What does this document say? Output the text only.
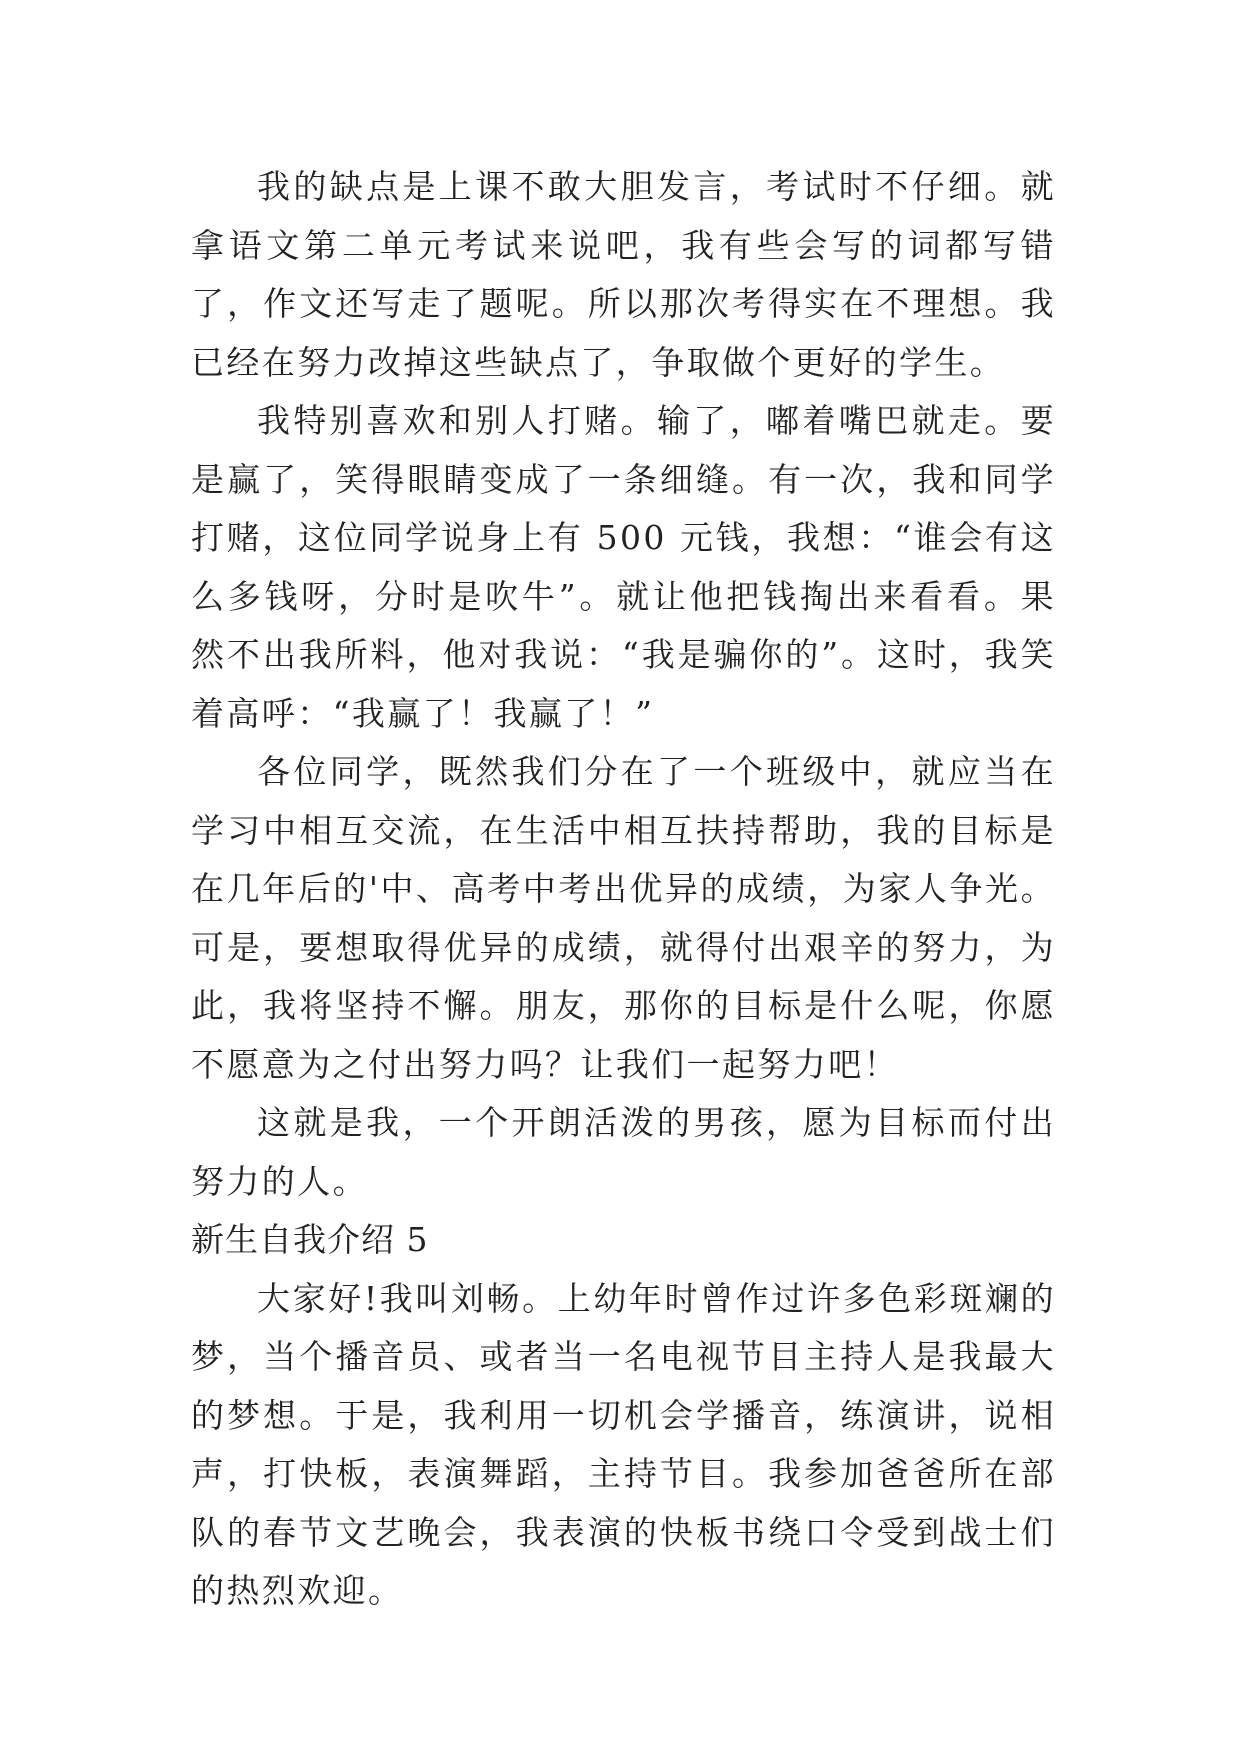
我的缺点是上课不敢大胆发言，考试时不仔细。就拿语文第二单元考试来说吧，我有些会写的词都写错了，作文还写走了题呢。所以那次考得实在不理想。我已经在努力改掉这些缺点了，争取做个更好的学生。

我特别喜欢和别人打赌。输了，嘟着嘴巴就走。要是赢了，笑得眼睛变成了一条细缝。有一次，我和同学打赌，这位同学说身上有 500 元钱，我想：“谁会有这么多钱呀，分时是吹牛”。就让他把钱掏出来看看。果然不出我所料，他对我说：“我是骗你的”。这时，我笑着高呼：“我赢了！我赢了！”

各位同学，既然我们分在了一个班级中，就应当在学习中相互交流，在生活中相互扶持帮助，我的目标是在几年后的'中、高考中考出优异的成绩，为家人争光。可是，要想取得优异的成绩，就得付出艰辛的努力，为此，我将坚持不懈。朋友，那你的目标是什么呢，你愿不愿意为之付出努力吗？让我们一起努力吧！

这就是我，一个开朗活泼的男孩，愿为目标而付出努力的人。

新生自我介绍 5

大家好!我叫刘畅。上幼年时曾作过许多色彩斑斓的梦，当个播音员、或者当一名电视节目主持人是我最大的梦想。于是，我利用一切机会学播音，练演讲，说相声，打快板，表演舞蹈，主持节目。我参加爸爸所在部队的春节文艺晚会，我表演的快板书绕口令受到战士们的热烈欢迎。
